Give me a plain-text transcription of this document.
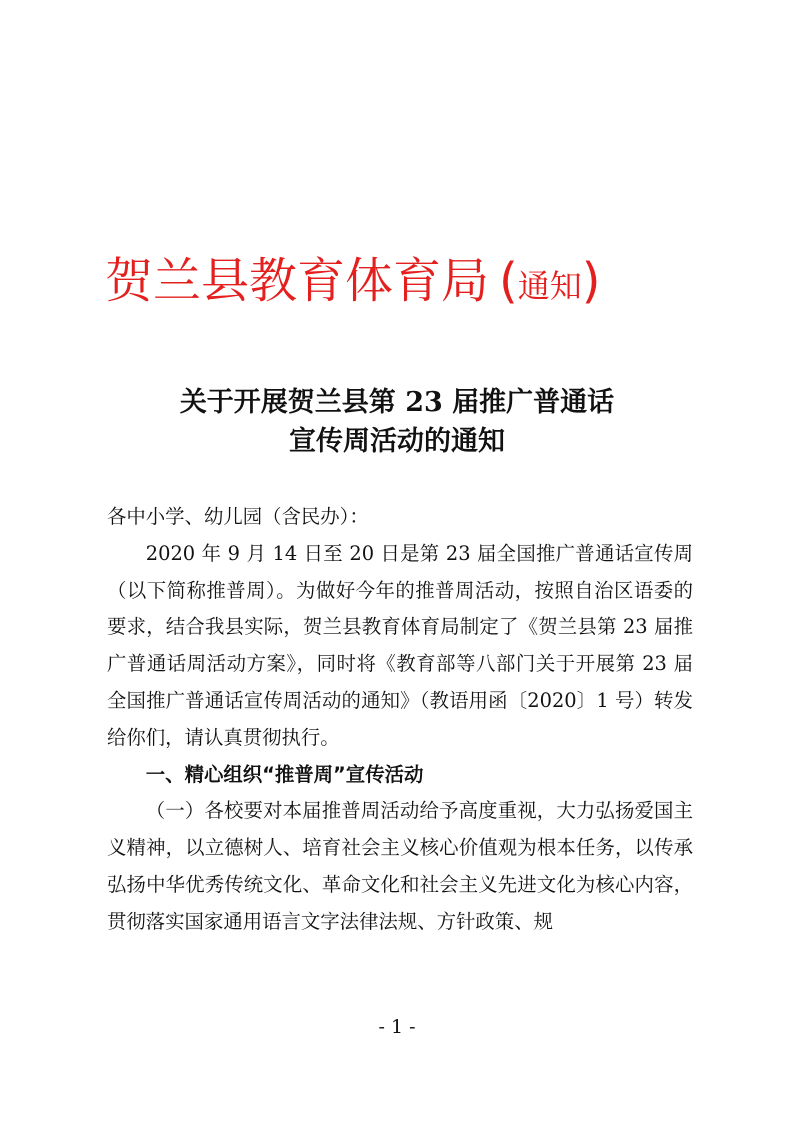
贺兰县教育体育局 (通知)
关于开展贺兰县第 23 届推广普通话
宣传周活动的通知

各中小学、幼儿园（含民办）：

2020 年 9 月 14 日至 20 日是第 23 届全国推广普通话宣传周（以下简称推普周）。为做好今年的推普周活动，按照自治区语委的要求，结合我县实际，贺兰县教育体育局制定了《贺兰县第 23 届推广普通话周活动方案》，同时将《教育部等八部门关于开展第 23 届全国推广普通话宣传周活动的通知》（教语用函〔2020〕1 号）转发给你们，请认真贯彻执行。

一、精心组织“推普周”宣传活动

（一）各校要对本届推普周活动给予高度重视，大力弘扬爱国主义精神，以立德树人、培育社会主义核心价值观为根本任务，以传承弘扬中华优秀传统文化、革命文化和社会主义先进文化为核心内容，贯彻落实国家通用语言文字法律法规、方针政策、规

- 1 -
